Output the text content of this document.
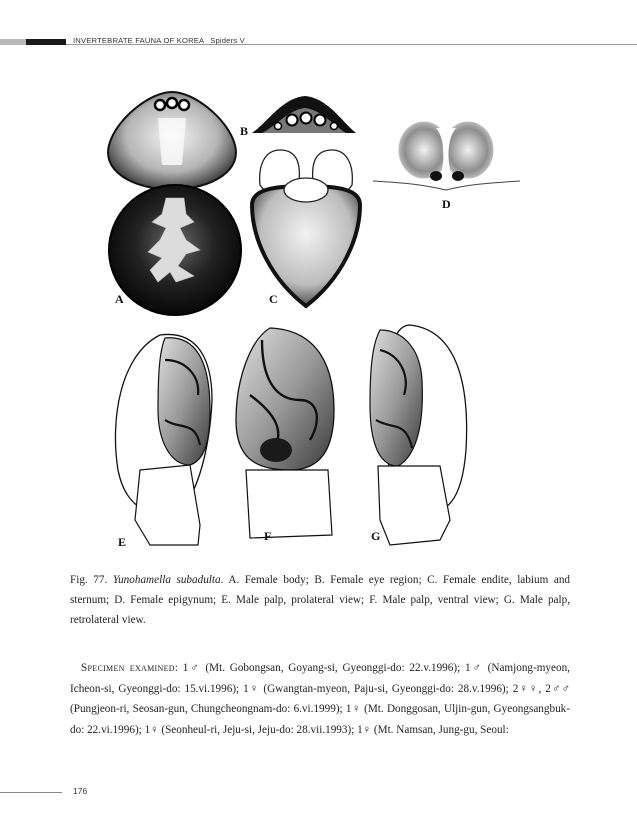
INVERTEBRATE FAUNA OF KOREA Spiders V
A
B
C
D
E	F	G
Fig. 77. Yunohamella subadulta. A. Female body; B. Female eye region; C. Female endite, labium and sternum; D. Female epigynum; E. Male palp, prolateral view; F. Male palp, ventral view; G. Male palp, retrolateral view.
Specimen examined: 1♂ (Mt. Gobongsan, Goyang-si, Gyeonggi-do: 22.v.1996); 1♂ (Namjong-myeon, Icheon-si, Gyeonggi-do: 15.vi.1996); 1♀ (Gwangtan-myeon, Paju-si, Gyeonggi-do: 28.v.1996); 2♀♀, 2♂♂ (Pungjeon-ri, Seosan-gun, Chungcheongnam-do: 6.vi.1999); 1♀ (Mt. Donggosan, Uljin-gun, Gyeongsangbuk-do: 22.vi.1996); 1♀ (Seonheul-ri, Jeju-si, Jeju-do: 28.vii.1993); 1♀ (Mt. Namsan, Jung-gu, Seoul:
176
